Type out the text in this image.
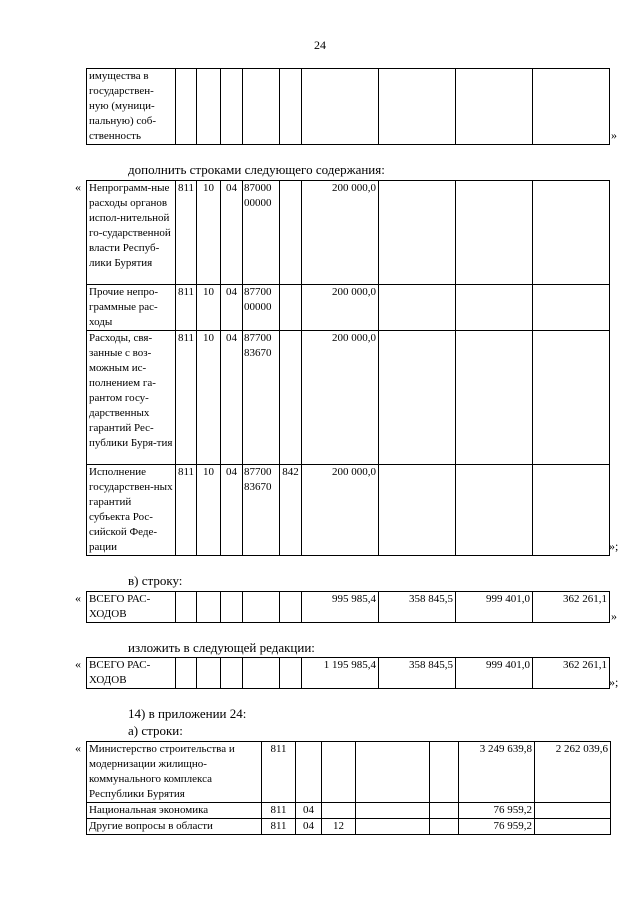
24
имущества в государствен-ную (муници-пальную) соб-ственность										»
дополнить строками следующего содержания:
« Непрограмм-ные расходы органов испол-нительной го-сударственной власти Респуб-лики Бурятия	811	10	04	87000 00000		200 000,0			
Прочие непро-граммные рас-ходы	811	10	04	87700 00000		200 000,0			
Расходы, свя-занные с воз-можным ис-полнением га-рантом госу-дарственных гарантий Рес-публики Буря-тия	811	10	04	87700 83670		200 000,0			
Исполнение государствен-ных гарантий субъекта Рос-сийской Феде-рации	811	10	04	87700 83670	842	200 000,0			
»;
в) строку:
« ВСЕГО РАС-ХОДОВ						995 985,4	358 845,5	999 401,0	362 261,1
»
изложить в следующей редакции:
« ВСЕГО РАС-ХОДОВ						1 195 985,4	358 845,5	999 401,0	362 261,1
»;
14) в приложении 24:
а) строки:
« Министерство строительства и модернизации жилищно-коммунального комплекса Республики Бурятия	811					3 249 639,8	2 262 039,6
Национальная экономика	811	04				76 959,2	
Другие вопросы в области	811	04	12			76 959,2	
